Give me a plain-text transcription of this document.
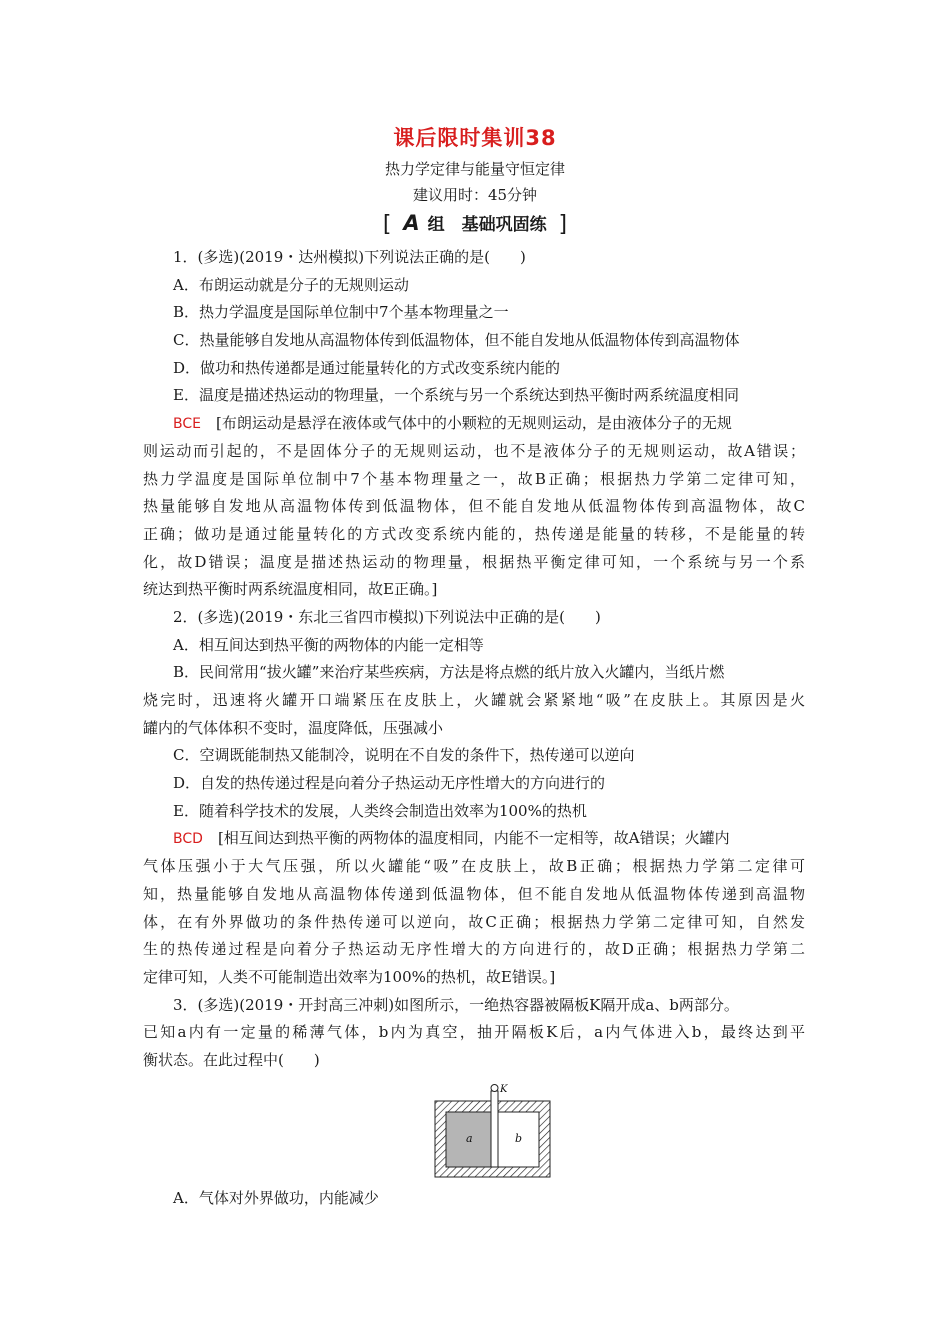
课后限时集训38
热力学定律与能量守恒定律
建议用时：45分钟
[ A 组　基础巩固练 ]
1．(多选)(2019・达州模拟)下列说法正确的是(　　)
A．布朗运动就是分子的无规则运动
B．热力学温度是国际单位制中7个基本物理量之一
C．热量能够自发地从高温物体传到低温物体，但不能自发地从低温物体传到高温物体
D．做功和热传递都是通过能量转化的方式改变系统内能的
E．温度是描述热运动的物理量，一个系统与另一个系统达到热平衡时两系统温度相同
BCE　 [布朗运动是悬浮在液体或气体中的小颗粒的无规则运动，是由液体分子的无规
则运动而引起的，不是固体分子的无规则运动，也不是液体分子的无规则运动，故A错误；
热力学温度是国际单位制中7个基本物理量之一，故B正确；根据热力学第二定律可知，
热量能够自发地从高温物体传到低温物体，但不能自发地从低温物体传到高温物体，故C
正确；做功是通过能量转化的方式改变系统内能的，热传递是能量的转移，不是能量的转
化，故D错误；温度是描述热运动的物理量，根据热平衡定律可知，一个系统与另一个系
统达到热平衡时两系统温度相同，故E正确。]
2．(多选)(2019・东北三省四市模拟)下列说法中正确的是(　　)
A．相互间达到热平衡的两物体的内能一定相等
B．民间常用“拔火罐”来治疗某些疾病，方法是将点燃的纸片放入火罐内，当纸片燃
烧完时，迅速将火罐开口端紧压在皮肤上，火罐就会紧紧地“吸”在皮肤上。其原因是火
罐内的气体体积不变时，温度降低，压强减小
C．空调既能制热又能制冷，说明在不自发的条件下，热传递可以逆向
D．自发的热传递过程是向着分子热运动无序性增大的方向进行的
E．随着科学技术的发展，人类终会制造出效率为100%的热机
BCD　 [相互间达到热平衡的两物体的温度相同，内能不一定相等，故A错误；火罐内
气体压强小于大气压强，所以火罐能“吸”在皮肤上，故B正确；根据热力学第二定律可
知，热量能够自发地从高温物体传递到低温物体，但不能自发地从低温物体传递到高温物
体，在有外界做功的条件热传递可以逆向，故C正确；根据热力学第二定律可知，自然发
生的热传递过程是向着分子热运动无序性增大的方向进行的，故D正确；根据热力学第二
定律可知，人类不可能制造出效率为100%的热机，故E错误。]
3．(多选)(2019・开封高三冲刺)如图所示，一绝热容器被隔板K隔开成a、b两部分。
已知a内有一定量的稀薄气体，b内为真空，抽开隔板K后，a内气体进入b，最终达到平
衡状态。在此过程中(　　)
A．气体对外界做功，内能减少
K
a	b
